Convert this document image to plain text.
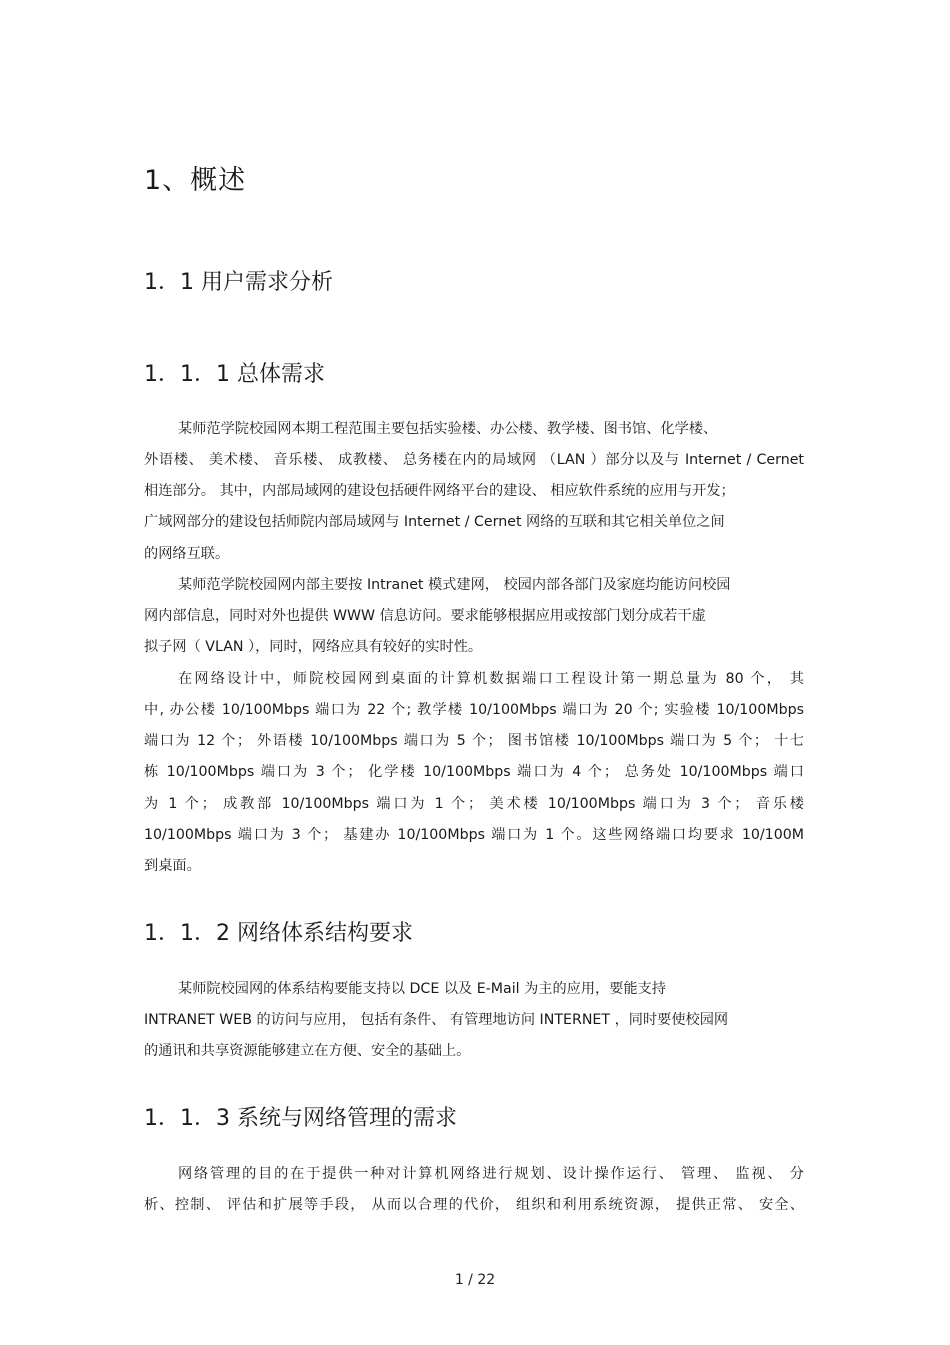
1、概述
1．1 用户需求分析
1．1．1 总体需求
某师范学院校园网本期工程范围主要包括实验楼、办公楼、教学楼、图书馆、化学楼、
外语楼、 美术楼、 音乐楼、 成教楼、 总务楼在内的局域网 （LAN ）部分以及与 Internet / Cernet
相连部分。 其中，内部局域网的建设包括硬件网络平台的建设、 相应软件系统的应用与开发；
广域网部分的建设包括师院内部局域网与 Internet / Cernet 网络的互联和其它相关单位之间
的网络互联。
某师范学院校园网内部主要按 Intranet 模式建网， 校园内部各部门及家庭均能访问校园
网内部信息，同时对外也提供 WWW 信息访问。要求能够根据应用或按部门划分成若干虚
拟子网（ VLAN ），同时，网络应具有较好的实时性。
在网络设计中，师院校园网到桌面的计算机数据端口工程设计第一期总量为 80 个， 其
中, 办公楼 10/100Mbps 端口为 22 个; 教学楼 10/100Mbps 端口为 20 个; 实验楼 10/100Mbps
端口为 12 个； 外语楼 10/100Mbps 端口为 5 个； 图书馆楼 10/100Mbps 端口为 5 个； 十七
栋 10/100Mbps 端口为 3 个； 化学楼 10/100Mbps 端口为 4 个； 总务处 10/100Mbps 端口
为 1 个； 成教部 10/100Mbps 端口为 1 个； 美术楼 10/100Mbps 端口为 3 个； 音乐楼
10/100Mbps 端口为 3 个； 基建办 10/100Mbps 端口为 1 个。这些网络端口均要求 10/100M
到桌面。
1．1．2 网络体系结构要求
某师院校园网的体系结构要能支持以 DCE 以及 E-Mail 为主的应用，要能支持
INTRANET WEB 的访问与应用， 包括有条件、 有管理地访问 INTERNET ，同时要使校园网
的通讯和共享资源能够建立在方便、安全的基础上。
1．1．3 系统与网络管理的需求
网络管理的目的在于提供一种对计算机网络进行规划、设计操作运行、 管理、 监视、 分
析、控制、 评估和扩展等手段， 从而以合理的代价， 组织和利用系统资源， 提供正常、 安全、
1 / 22
